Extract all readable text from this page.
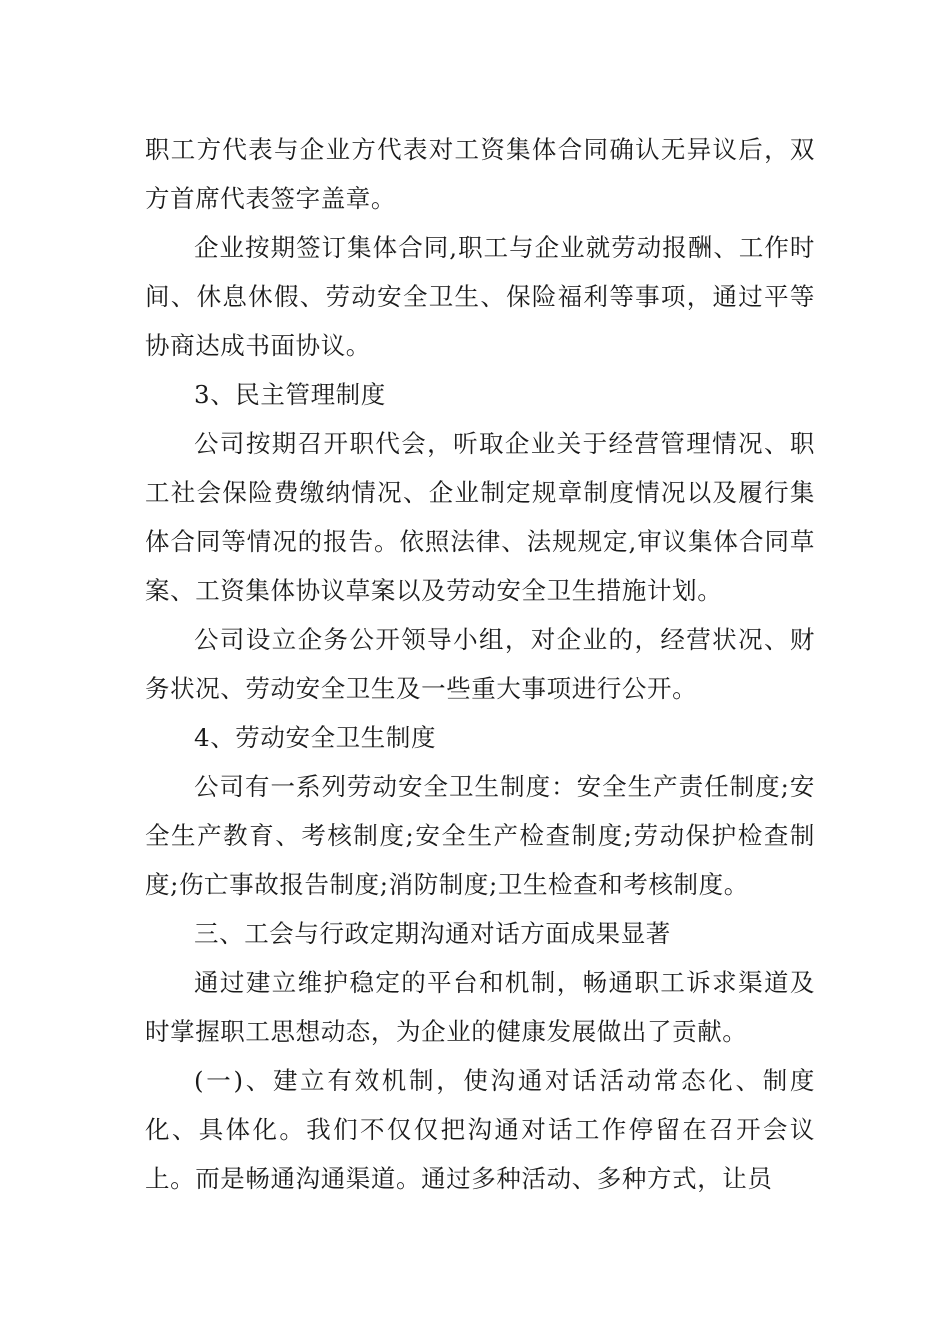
职工方代表与企业方代表对工资集体合同确认无异议后，双方首席代表签字盖章。

企业按期签订集体合同,职工与企业就劳动报酬、工作时间、休息休假、劳动安全卫生、保险福利等事项，通过平等协商达成书面协议。

3、民主管理制度

公司按期召开职代会，听取企业关于经营管理情况、职工社会保险费缴纳情况、企业制定规章制度情况以及履行集体合同等情况的报告。依照法律、法规规定,审议集体合同草案、工资集体协议草案以及劳动安全卫生措施计划。

公司设立企务公开领导小组，对企业的，经营状况、财务状况、劳动安全卫生及一些重大事项进行公开。

4、劳动安全卫生制度

公司有一系列劳动安全卫生制度：安全生产责任制度;安全生产教育、考核制度;安全生产检查制度;劳动保护检查制度;伤亡事故报告制度;消防制度;卫生检查和考核制度。

三、工会与行政定期沟通对话方面成果显著

通过建立维护稳定的平台和机制，畅通职工诉求渠道及时掌握职工思想动态，为企业的健康发展做出了贡献。

(一)、建立有效机制，使沟通对话活动常态化、制度化、具体化。我们不仅仅把沟通对话工作停留在召开会议上。而是畅通沟通渠道。通过多种活动、多种方式，让员
